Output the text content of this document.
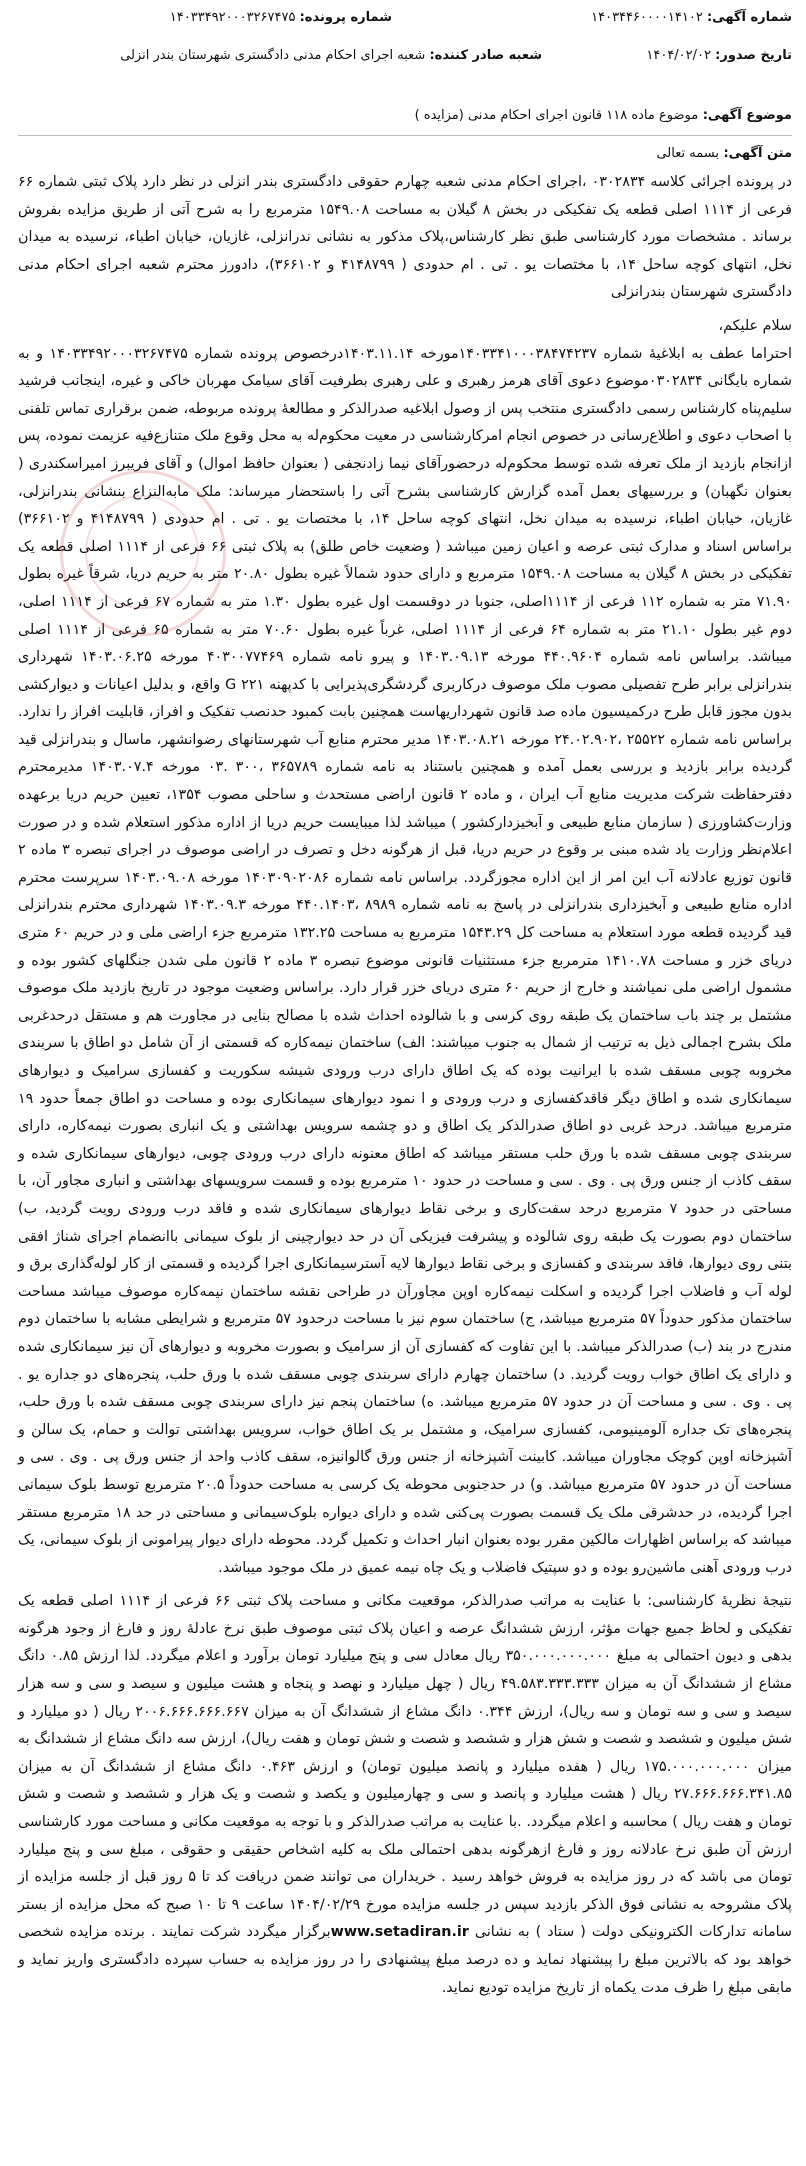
شماره آگهی: ۱۴۰۳۴۴۶۰۰۰۰۱۴۱۰۲
شماره پرونده: ۱۴۰۳۳۴۹۲۰۰۰۳۲۶۷۴۷۵
تاریخ صدور: ۱۴۰۴/۰۲/۰۲
شعبه صادر کننده: شعبه اجرای احکام مدنی دادگستری شهرستان بندر انزلی
موضوع آگهی: موضوع ماده ۱۱۸ قانون اجرای احکام مدنی (مزایده )
متن آگهی: بسمه تعالی

در پرونده اجرائی کلاسه ۰۳۰۲۸۳۴ ،اجرای احکام مدنی شعبه چهارم حقوقی دادگستری بندر انزلی در نظر دارد پلاک ثبتی شماره ۶۶ فرعی از ۱۱۱۴ اصلی قطعه یک تفکیکی در بخش ۸ گیلان به مساحت ۱۵۴۹.۰۸ مترمربع را به شرح آتی از طریق مزایده بفروش برساند . مشخصات مورد کارشناسی طبق نظر کارشناس،پلاک مذکور به نشانی ندرانزلی، غازیان، خیابان اطباء، نرسیده به میدان نخل، انتهای کوچه ساحل ۱۴، با مختصات یو . تی . ام حدودی ( ۴۱۴۸۷۹۹ و ۳۶۶۱۰۲)، دادورز محترم شعبه اجرای احکام مدنی دادگستری شهرستان بندرانزلی

سلام علیکم،

احتراما عطف به ابلاغیۀ شماره ۱۴۰۳۳۴۱۰۰۰۳۸۴۷۴۲۳۷مورخه ۱۴۰۳.۱۱.۱۴درخصوص پرونده شماره ۱۴۰۳۳۴۹۲۰۰۰۳۲۶۷۴۷۵ و به شماره بایگانی ۰۳۰۲۸۳۴موضوع دعوی آقای هرمز رهبری و علی رهبری بطرفیت آقای سیامک مهربان خاکی و غیره، اینجانب فرشید سلیم‌پناه کارشناس رسمی دادگستری منتخب پس از وصول ابلاغیه صدرالذکر و مطالعۀ پرونده مربوطه، ضمن برقراری تماس تلفنی با اصحاب دعوی و اطلاع‌رسانی در خصوص انجام امرکارشناسی در معیت محکوم‌له به محل وقوع ملک متنازع‌فیه عزیمت نموده، پس ازانجام بازدید از ملک تعرفه شده توسط محکوم‌له درحضورآقای نیما زادنجفی ( بعنوان حافظ اموال) و آقای فریبرز امیراسکندری ( بعنوان نگهبان) و بررسیهای بعمل آمده گزارش کارشناسی بشرح آتی را باستحضار میرساند: ملک مابه‌النزاع بنشانی بندرانزلی، غازیان، خیابان اطباء، نرسیده به میدان نخل، انتهای کوچه ساحل ۱۴، با مختصات یو . تی . ام حدودی ( ۴۱۴۸۷۹۹ و ۳۶۶۱۰۲) براساس اسناد و مدارک ثبتی عرصه و اعیان زمین میباشد ( وضعیت خاص طلق) به پلاک ثبتی ۶۶ فرعی از ۱۱۱۴ اصلی قطعه یک تفکیکی در بخش ۸ گیلان به مساحت ۱۵۴۹.۰۸ مترمربع و دارای حدود شمالاً غیره بطول ۲۰.۸۰ متر به حریم دریا، شرقاً غیره بطول ۷۱.۹۰ متر به شماره ۱۱۲ فرعی از ۱۱۱۴اصلی، جنوبا در دوقسمت اول غیره بطول ۱.۳۰ متر به شماره ۶۷ فرعی از ۱۱۱۴ اصلی، دوم غیر بطول ۲۱.۱۰ متر به شماره ۶۴ فرعی از ۱۱۱۴ اصلی، غرباً غیره بطول ۷۰.۶۰ متر به شماره ۶۵ فرعی از ۱۱۱۴ اصلی میباشد. براساس نامه شماره ۴۴۰.۹۶۰۴ مورخه ۱۴۰۳.۰۹.۱۳ و پیرو نامه شماره ۴۰۳۰۰۷۷۴۶۹ مورخه ۱۴۰۳.۰۶.۲۵ شهرداری بندرانزلی برابر طرح تفصیلی مصوب ملک موصوف درکاربری گردشگری‌پذیرایی با کدپهنه ۲۲۱ G واقع، و بدلیل اعیانات و دیوارکشی بدون مجوز قابل طرح درکمیسیون ماده صد قانون شهرداریهاست همچنین بابت کمبود حدنصب تفکیک و افراز، قابلیت افراز را ندارد. براساس نامه شماره ۲۵۵۲۲ ،۲۴.۰۲.۹۰۲ مورخه ۱۴۰۳.۰۸.۲۱ مدیر محترم منابع آب شهرستانهای رضوانشهر، ماسال و بندرانزلی قید گردیده برابر بازدید و بررسی بعمل آمده و همچنین باستناد به نامه شماره ۳۶۵۷۸۹ ،۳۰۰ .۰۳ مورخه ۱۴۰۳.۰۷.۴ مدیرمحترم دفترحفاظت شرکت مدیریت منابع آب ایران ، و ماده ۲ قانون اراضی مستحدث و ساحلی مصوب ۱۳۵۴، تعیین حریم دریا برعهده وزارت‌کشاورزی ( سازمان منابع طبیعی و آبخیزدارکشور ) میباشد لذا میبایست حریم دریا از اداره مذکور استعلام شده و در صورت اعلام‌نظر وزارت یاد شده مبنی بر وقوع در حریم دریا، قبل از هرگونه دخل و تصرف در اراضی موصوف در اجرای تبصره ۳ ماده ۲ قانون توزیع عادلانه آب این امر از این اداره مجوزگردد. براساس نامه شماره ۱۴۰۳۰۹۰۲۰۸۶ مورخه ۱۴۰۳.۰۹.۰۸ سرپرست محترم اداره منابع طبیعی و آبخیزداری بندرانزلی در پاسخ به نامه شماره ۸۹۸۹ ،۴۴۰.۱۴۰۳ مورخه ۱۴۰۳.۰۹.۳ شهرداری محترم بندرانزلی قید گردیده قطعه مورد استعلام به مساحت کل ۱۵۴۳.۲۹ مترمربع به مساحت ۱۳۲.۲۵ مترمربع جزء اراضی ملی و در حریم ۶۰ متری دریای خزر و مساحت ۱۴۱۰.۷۸ مترمربع جزء مستثنیات قانونی موضوع تبصره ۳ ماده ۲ قانون ملی شدن جنگلهای کشور بوده و مشمول اراضی ملی نمیاشند و خارج از حریم ۶۰ متری دریای خزر قرار دارد. براساس وضعیت موجود در تاریخ بازدید ملک موصوف مشتمل بر چند باب ساختمان یک طبقه روی کرسی و با شالوده احداث شده با مصالح بنایی در مجاورت هم و مستقل درحدغربی ملک بشرح اجمالی ذیل به ترتیب از شمال به جنوب میباشند: الف) ساختمان نیمه‌کاره که قسمتی از آن شامل دو اطاق با سربندی مخروبه چوبی مسقف شده با ایرانیت بوده که یک اطاق دارای درب ورودی شیشه سکوریت و کفسازی سرامیک و دیوارهای سیمانکاری شده و اطاق دیگر فاقدکفسازی و درب ورودی و ا نمود دیوارهای سیمانکاری بوده و مساحت دو اطاق جمعاً حدود ۱۹ مترمربع میباشد. درحد غربی دو اطاق صدرالذکر یک اطاق و دو چشمه سرویس بهداشتی و یک انباری بصورت نیمه‌کاره، دارای سربندی چوبی مسقف شده با ورق حلب مستقر میباشد که اطاق معنونه دارای درب ورودی چوبی، دیوارهای سیمانکاری شده و سقف کاذب از جنس ورق پی . وی . سی و مساحت در حدود ۱۰ مترمربع بوده و قسمت سرویسهای بهداشتی و انباری مجاور آن، با مساحتی در حدود ۷ مترمربع درحد سفت‌کاری و برخی نقاط دیوارهای سیمانکاری شده و فاقد درب ورودی رویت گردید، ب) ساختمان دوم بصورت یک طبقه روی شالوده و پیشرفت فیزیکی آن در حد دیوارچینی از بلوک سیمانی باانضمام اجرای شناژ افقی بتنی روی دیوارها، فاقد سربندی و کفسازی و برخی نقاط دیوارها لایه آسترسیمانکاری اجرا گردیده و قسمتی از کار لوله‌گذاری برق و لوله آب و فاضلاب اجرا گردیده و اسکلت نیمه‌کاره اوپن مجاورآن در طراحی نقشه ساختمان نیمه‌کاره موصوف میباشد مساحت ساختمان مذکور حدوداً ۵۷ مترمربع میباشد، ج) ساختمان سوم نیز با مساحت درحدود ۵۷ مترمربع و شرایطی مشابه با ساختمان دوم مندرج در بند (ب) صدرالذکر میباشد. با این تفاوت که کفسازی آن از سرامیک و بصورت مخروبه و دیوارهای آن نیز سیمانکاری شده و دارای یک اطاق خواب رویت گردید. د) ساختمان چهارم دارای سربندی چوبی مسقف شده با ورق حلب، پنجره‌های دو جداره یو . پی . وی . سی و مساحت آن در حدود ۵۷ مترمربع میباشد. ه) ساختمان پنجم نیز دارای سربندی چوبی مسقف شده با ورق حلب، پنجره‌های تک جداره آلومینیومی، کفسازی سرامیک، و مشتمل بر یک اطاق خواب، سرویس بهداشتی توالت و حمام، یک سالن و آشپزخانه اوپن کوچک مجاوران میباشد. کابینت آشپزخانه از جنس ورق گالوانیزه، سقف کاذب واحد از جنس ورق پی . وی . سی و مساحت آن در حدود ۵۷ مترمربع میباشد. و) در حدجنوبی محوطه یک کرسی به مساحت حدوداً ۲۰.۵ مترمربع توسط بلوک سیمانی اجرا گردیده، در حدشرقی ملک یک قسمت بصورت پی‌کنی شده و دارای دیواره بلوک‌سیمانی و مساحتی در حد ۱۸ مترمربع مستقر میباشد که براساس اظهارات مالکین مقرر بوده بعنوان انبار احداث و تکمیل گردد. محوطه دارای دیوار پیرامونی از بلوک سیمانی، یک درب ورودی آهنی ماشین‌رو بوده و دو سپتیک فاضلاب و یک چاه نیمه عمیق در ملک موجود میباشد.

نتیجۀ نظریۀ کارشناسی: با عنایت به مراتب صدرالذکر، موقعیت مکانی و مساحت پلاک ثبتی ۶۶ فرعی از ۱۱۱۴ اصلی قطعه یک تفکیکی و لحاظ جمیع جهات مؤثر، ارزش ششدانگ عرصه و اعیان پلاک ثبتی موصوف طبق نرخ عادلۀ روز و فارغ از وجود هرگونه بدهی و دیون احتمالی به مبلغ ۳۵۰.۰۰۰.۰۰۰.۰۰۰ ریال معادل سی و پنج میلیارد تومان برآورد و اعلام میگردد. لذا ارزش ۰.۸۵ دانگ مشاع از ششدانگ آن به میزان ۴۹.۵۸۳.۳۳۳.۳۳۳ ریال ( چهل میلیارد و نهصد و پنجاه و هشت میلیون و سیصد و سی و سه هزار سیصد و سی و سه تومان و سه ریال)، ارزش ۰.۳۴۴ دانگ مشاع از ششدانگ آن به میزان ۲۰۰۶.۶۶۶.۶۶۶.۶۶۷ ریال ( دو میلیارد و شش میلیون و ششصد و شصت و شش هزار و ششصد و شصت و شش تومان و هفت ریال)، ارزش سه دانگ مشاع از ششدانگ به میزان ۱۷۵.۰۰۰.۰۰۰.۰۰۰ ریال ( هفده میلیارد و پانصد میلیون تومان) و ارزش ۰.۴۶۳ دانگ مشاع از ششدانگ آن به میزان ۲۷.۶۶۶.۶۶۶.۳۴۱.۸۵ ریال ( هشت میلیارد و پانصد و سی و چهارمیلیون و یکصد و شصت و یک هزار و ششصد و شصت و شش تومان و هفت ریال ) محاسبه و اعلام میگردد. .با عنایت به مراتب صدرالذکر و با توجه به موقعیت مکانی و مساحت مورد کارشناسی ارزش آن طبق نرخ عادلانه روز و فارغ ازهرگونه بدهی احتمالی ملک به کلیه اشخاص حقیقی و حقوقی ، مبلغ سی و پنج میلیارد تومان می باشد که در روز مزایده به فروش خواهد رسید . خریداران می توانند ضمن دریافت کد تا ۵ روز قبل از جلسه مزایده از پلاک مشروحه به نشانی فوق الذکر بازدید سپس در جلسه مزایده مورخ ۱۴۰۴/۰۲/۲۹ ساعت ۹ تا ۱۰ صبح که محل مزایده از بستر سامانه تدارکات الکترونیکی دولت ( ستاد ) به نشانی www.setadiran.irبرگزار میگردد شرکت نمایند . برنده مزایده شخصی خواهد بود که بالاترین مبلغ را پیشنهاد نماید و ده درصد مبلغ پیشنهادی را در روز مزایده به حساب سپرده دادگستری واریز نماید و مابقی مبلغ را ظرف مدت یکماه از تاریخ مزایده تودیع نماید.
